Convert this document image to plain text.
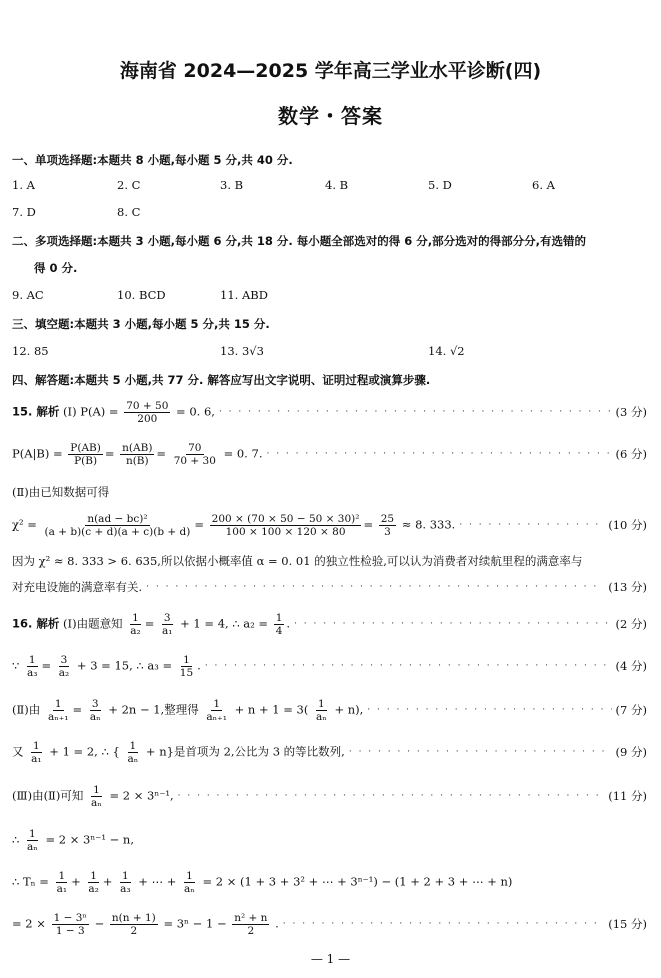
海南省 2024—2025 学年高三学业水平诊断(四)
数学・答案
一、单项选择题:本题共 8 小题,每小题 5 分,共 40 分.
1. A	2. C	3. B	4. B	5. D	6. A
7. D	8. C
二、多项选择题:本题共 3 小题,每小题 6 分,共 18 分. 每小题全部选对的得 6 分,部分选对的得部分分,有选错的
得 0 分.
9. AC	10. BCD	11. ABD
三、填空题:本题共 3 小题,每小题 5 分,共 15 分.
12. 85	13. 3√3	14. √2
四、解答题:本题共 5 小题,共 77 分. 解答应写出文字说明、证明过程或演算步骤.
15. 解析 (Ⅰ) $P(A) = \frac{70 + 50}{200} = 0$. 6, · · ·	(3 分)
$P(A|B) = \frac{P(AB)}{P(B)} = \frac{n(AB)}{n(B)} = \frac{70}{70 + 30} = 0$. 7. · · ·	(6 分)
(Ⅱ)由已知数据可得
$\chi^2 = \frac{\text{n(ad − bc)²}}{(a + b)(c + d)(a + c)(b + d)} = \frac{\text{200 × (70 × 50 − 50 × 30)²}}{100 \times 100 \times 120 \times 80} = \frac{25}{3} \approx 8$. 333. · · ·	(10 分)
因为 χ² ≈ 8. 333 > 6. 635,所以依据小概率值 α = 0. 01 的独立性检验,可以认为消费者对续航里程的满意率与
对充电设施的满意率有关. · · ·	(13 分)
16. 解析 (Ⅰ)由题意知 $\frac{1}{\text{a₂}} = \frac{3}{\text{a₁}} + 1 = 4$, ∴ $a_2 = \frac{1}{4}$ . · · ·	(2 分)
∵ $\frac{1}{\text{a₃}} = \frac{3}{\text{a₂}} + 3 = 15$, ∴ $a_3 = \frac{1}{15}$ . · · ·	(4 分)
(Ⅱ)由 $\frac{1}{\text{aₙ₊₁}} = \frac{3}{\text{aₙ}} + 2n - 1$,整理得 $\frac{1}{\text{aₙ₊₁}} + n + 1 = 3( \frac{1}{\text{aₙ}} + n)$, · · ·	(7 分)
又 $\frac{1}{\text{a₁}} + 1 = 2$, ∴ { $\frac{1}{\text{aₙ}} + n$}是首项为 2,公比为 3 的等比数列, · · ·	(9 分)
(Ⅲ)由(Ⅱ)可知 $\frac{1}{\text{aₙ}} = 2 \times 3^{n-1}$, · · ·	(11 分)
∴ $\frac{1}{\text{aₙ}} = 2 \times 3^{n-1} - n$,
∴ $T_n = \frac{1}{\text{a₁}} + \frac{1}{\text{a₂}} + \frac{1}{\text{a₃}}$ + ⋯ + $\frac{1}{\text{aₙ}} = 2 \times (1 + 3 + 3^2$ + ⋯ + 3ⁿ⁻¹) − (1 + 2 + 3 + ⋯ + n)
= $2 \times \frac{\text{1 − 3ⁿ}}{1 - 3} - \frac{n(n + 1)}{2} = 3^n - 1 - \frac{\text{n² + n}}{2}$ . · · ·	(15 分)
— 1 —
